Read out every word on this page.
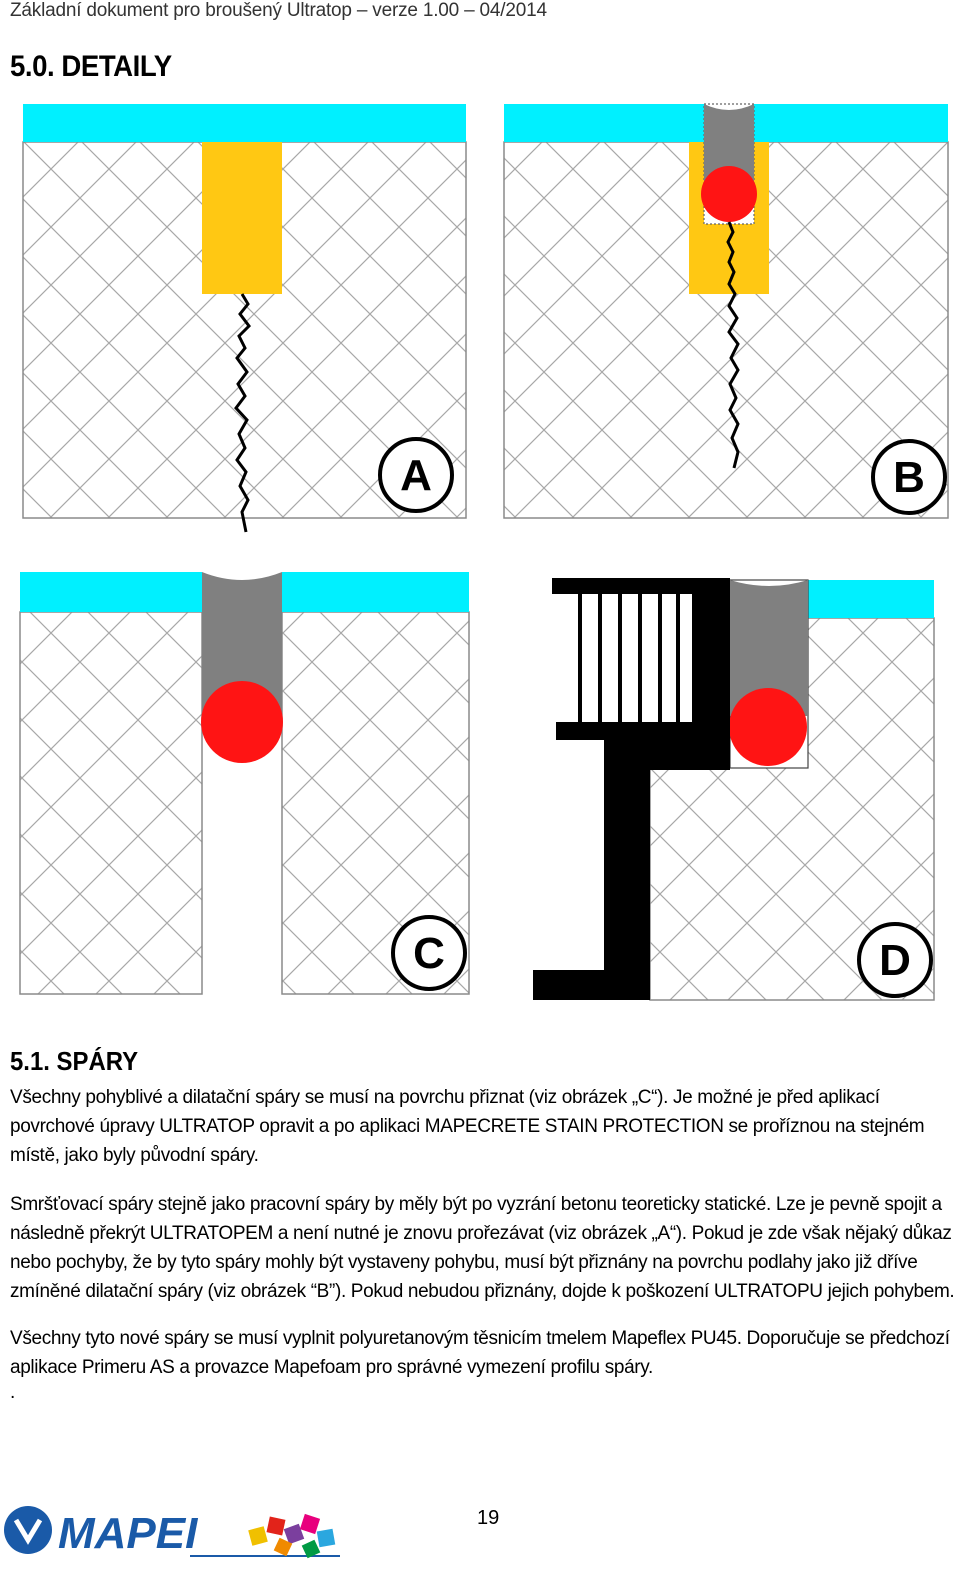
Základní dokument pro broušený Ultratop – verze 1.00 – 04/2014
5.0. DETAILY
A	B
C	D
5.1. SPÁRY
Všechny pohyblivé a dilatační spáry se musí na povrchu přiznat (viz obrázek „C“). Je možné je před aplikací povrchové úpravy ULTRATOP opravit a po aplikaci MAPECRETE STAIN PROTECTION se proříznou na stejném místě, jako byly původní spáry.
Smršťovací spáry stejně jako pracovní spáry by měly být po vyzrání betonu teoreticky statické. Lze je pevně spojit a následně překrýt ULTRATOPEM a není nutné je znovu prořezávat (viz obrázek „A“). Pokud je zde však nějaký důkaz nebo pochyby, že by tyto spáry mohly být vystaveny pohybu, musí být přiznány na povrchu podlahy jako již dříve zmíněné dilatační spáry (viz obrázek “B”). Pokud nebudou přiznány, dojde k poškození ULTRATOPU jejich pohybem.
Všechny tyto nové spáry se musí vyplnit polyuretanovým těsnicím tmelem Mapeflex PU45. Doporučuje se předchozí aplikace Primeru AS a provazce Mapefoam pro správné vymezení profilu spáry.
.
MAPEI	19
